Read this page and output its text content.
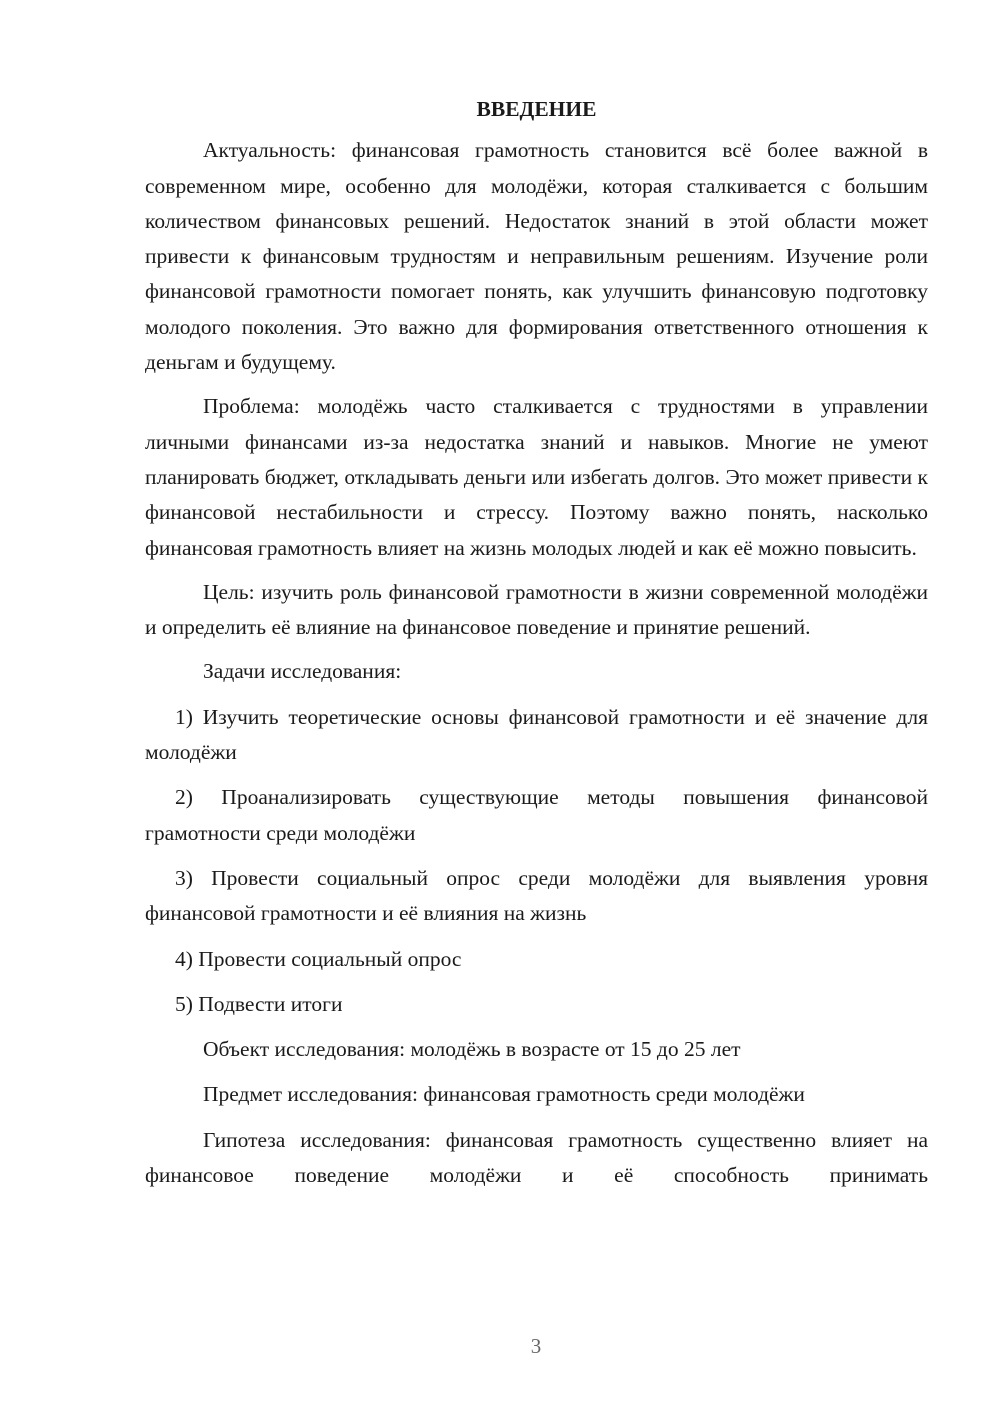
ВВЕДЕНИЕ

Актуальность: финансовая грамотность становится всё более важной в современном мире, особенно для молодёжи, которая сталкивается с большим количеством финансовых решений. Недостаток знаний в этой области может привести к финансовым трудностям и неправильным решениям. Изучение роли финансовой грамотности помогает понять, как улучшить финансовую подготовку молодого поколения. Это важно для формирования ответственного отношения к деньгам и будущему.

Проблема: молодёжь часто сталкивается с трудностями в управлении личными финансами из-за недостатка знаний и навыков. Многие не умеют планировать бюджет, откладывать деньги или избегать долгов. Это может привести к финансовой нестабильности и стрессу. Поэтому важно понять, насколько финансовая грамотность влияет на жизнь молодых людей и как её можно повысить.

Цель: изучить роль финансовой грамотности в жизни современной молодёжи и определить её влияние на финансовое поведение и принятие решений.

Задачи исследования:

1) Изучить теоретические основы финансовой грамотности и её значение для молодёжи

2) Проанализировать существующие методы повышения финансовой грамотности среди молодёжи

3) Провести социальный опрос среди молодёжи для выявления уровня финансовой грамотности и её влияния на жизнь

4) Провести социальный опрос

5) Подвести итоги

Объект исследования: молодёжь в возрасте от 15 до 25 лет

Предмет исследования: финансовая грамотность среди молодёжи

Гипотеза исследования: финансовая грамотность существенно влияет на финансовое поведение молодёжи и её способность принимать

3
